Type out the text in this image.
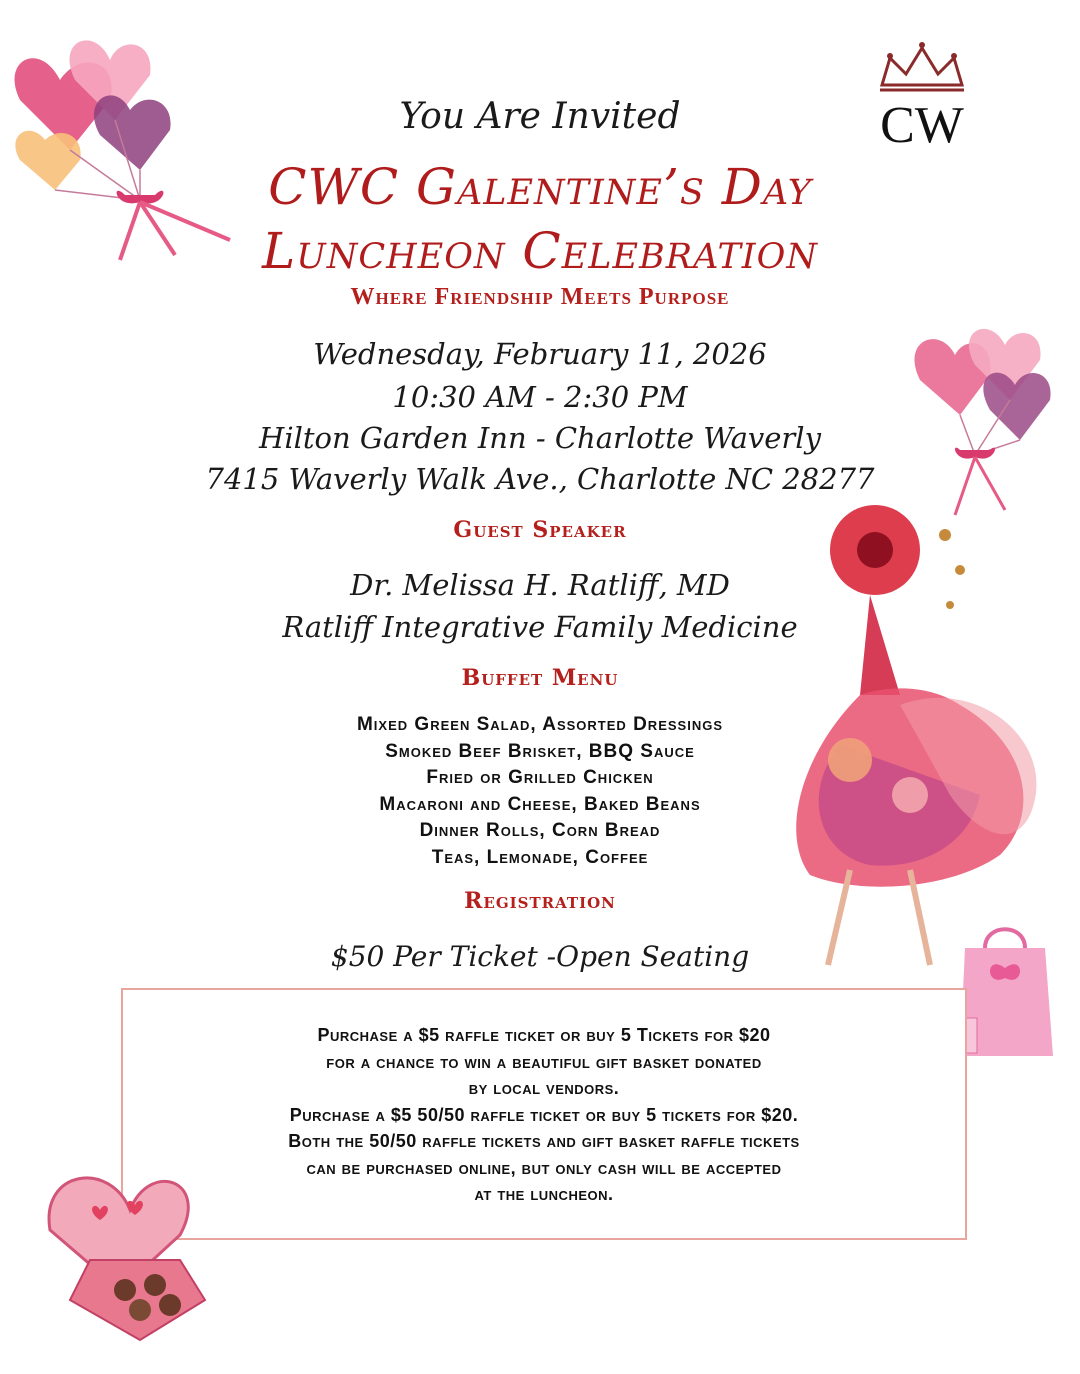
CW
You Are Invited
CWC Galentine’s Day
Luncheon Celebration
Where Friendship Meets Purpose
Wednesday, February 11, 2026
10:30 AM - 2:30 PM
Hilton Garden Inn - Charlotte Waverly
7415 Waverly Walk Ave., Charlotte NC 28277
Guest Speaker
Dr. Melissa H. Ratliff, MD
Ratliff Integrative Family Medicine
Buffet Menu
Mixed Green Salad, Assorted Dressings
Smoked Beef Brisket, BBQ Sauce
Fried or Grilled Chicken
Macaroni and Cheese, Baked Beans
Dinner Rolls, Corn Bread
Teas, Lemonade, Coffee
Registration
$50 Per Ticket -Open Seating
Purchase a $5 raffle ticket or buy 5 Tickets for $20
for a chance to win a beautiful gift basket donated
by local vendors.
Purchase a $5 50/50 raffle ticket or buy 5 tickets for $20.
Both the 50/50 raffle tickets and gift basket raffle tickets
can be purchased online, but only cash will be accepted
at the luncheon.
